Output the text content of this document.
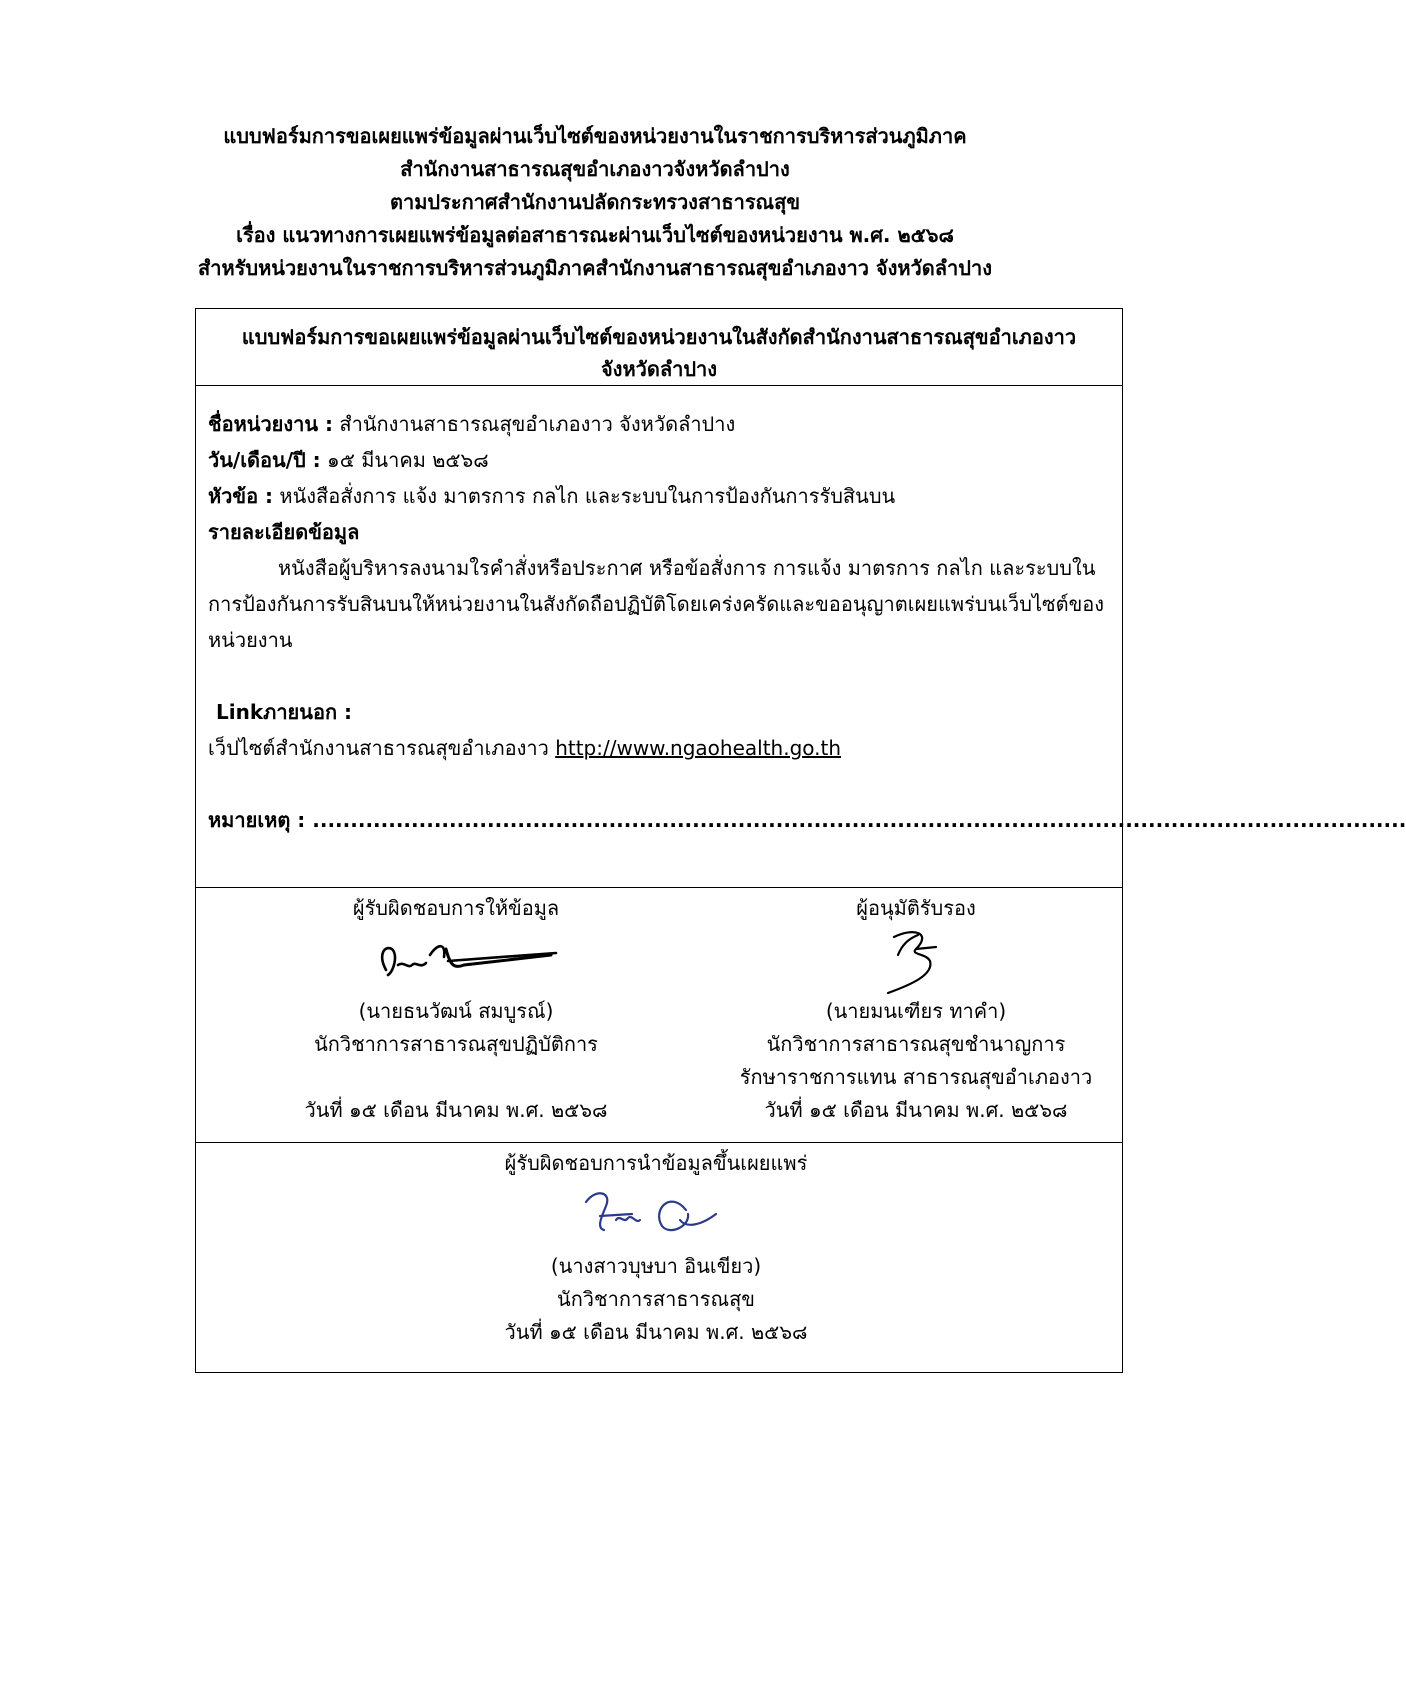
แบบฟอร์มการขอเผยแพร่ข้อมูลผ่านเว็บไซต์ของหน่วยงานในราชการบริหารส่วนภูมิภาค
สำนักงานสาธารณสุขอำเภองาวจังหวัดลำปาง
ตามประกาศสำนักงานปลัดกระทรวงสาธารณสุข
เรื่อง แนวทางการเผยแพร่ข้อมูลต่อสาธารณะผ่านเว็บไซต์ของหน่วยงาน พ.ศ. ๒๕๖๘
สำหรับหน่วยงานในราชการบริหารส่วนภูมิภาคสำนักงานสาธารณสุขอำเภองาว จังหวัดลำปาง
แบบฟอร์มการขอเผยแพร่ข้อมูลผ่านเว็บไซต์ของหน่วยงานในสังกัดสำนักงานสาธารณสุขอำเภองาว
จังหวัดลำปาง
ชื่อหน่วยงาน : สำนักงานสาธารณสุขอำเภองาว จังหวัดลำปาง
วัน/เดือน/ปี : ๑๕ มีนาคม ๒๕๖๘
หัวข้อ : หนังสือสั่งการ แจ้ง มาตรการ กลไก และระบบในการป้องกันการรับสินบน
รายละเอียดข้อมูล

หนังสือผู้บริหารลงนามใรคำสั่งหรือประกาศ หรือข้อสั่งการ การแจ้ง มาตรการ กลไก และระบบในการป้องกันการรับสินบนให้หน่วยงานในสังกัดถือปฏิบัติโดยเคร่งครัดและขออนุญาตเผยแพร่บนเว็บไซต์ของหน่วยงาน

Linkภายนอก :
เว็ปไซต์สำนักงานสาธารณสุขอำเภองาว http://www.ngaohealth.go.th
หมายเหตุ : ................................................................................................................................................
ผู้รับผิดชอบการให้ข้อมูล
(นายธนวัฒน์ สมบูรณ์)
นักวิชาการสาธารณสุขปฏิบัติการ
วันที่ ๑๕ เดือน มีนาคม พ.ศ. ๒๕๖๘
ผู้อนุมัติรับรอง
(นายมนเฑียร ทาคำ)
นักวิชาการสาธารณสุขชำนาญการ
รักษาราชการแทน สาธารณสุขอำเภองาว
วันที่ ๑๕ เดือน มีนาคม พ.ศ. ๒๕๖๘
ผู้รับผิดชอบการนำข้อมูลขึ้นเผยแพร่
(นางสาวบุษบา อินเขียว)
นักวิชาการสาธารณสุข
วันที่ ๑๕ เดือน มีนาคม พ.ศ. ๒๕๖๘
